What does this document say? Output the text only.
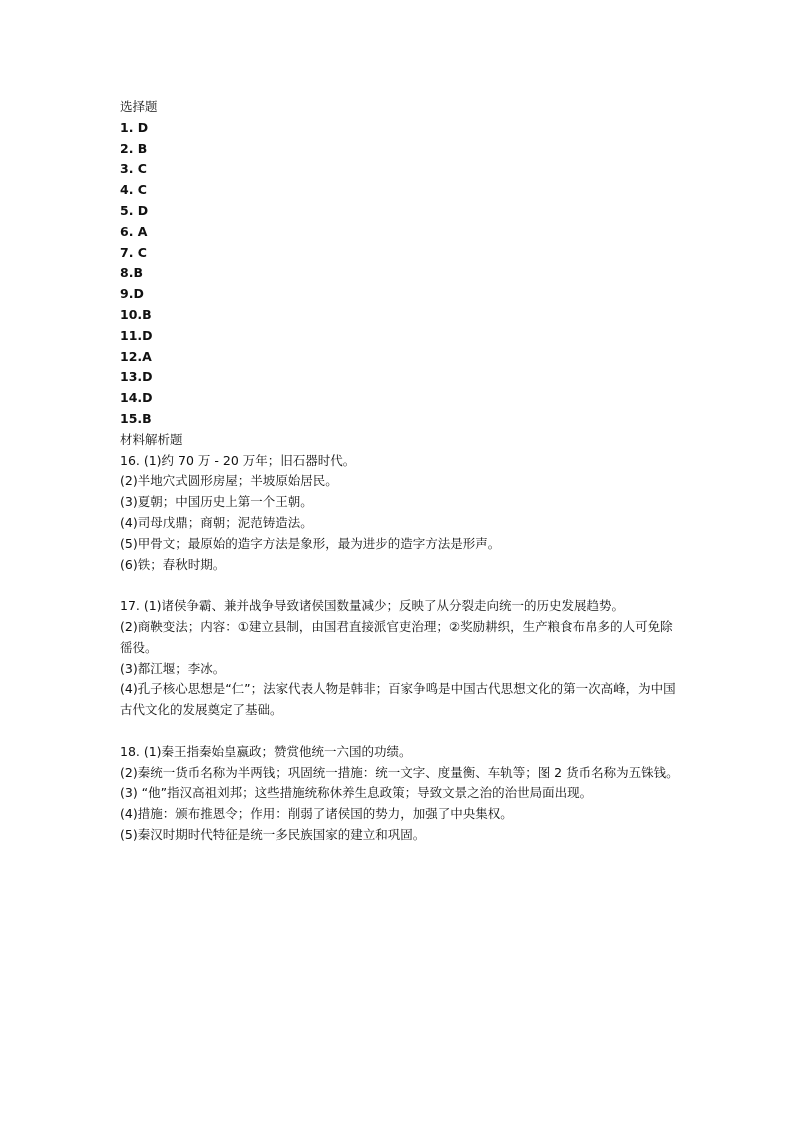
选择题
1. D
2. B
3. C
4. C
5. D
6. A
7. C
8.B
9.D
10.B
11.D
12.A
13.D
14.D
15.B
材料解析题
16. (1)约 70 万 - 20 万年；旧石器时代。
(2)半地穴式圆形房屋；半坡原始居民。
(3)夏朝；中国历史上第一个王朝。
(4)司母戊鼎；商朝；泥范铸造法。
(5)甲骨文；最原始的造字方法是象形，最为进步的造字方法是形声。
(6)铁；春秋时期。
17. (1)诸侯争霸、兼并战争导致诸侯国数量减少；反映了从分裂走向统一的历史发展趋势。
(2)商鞅变法；内容：①建立县制，由国君直接派官吏治理；②奖励耕织，生产粮食布帛多的人可免除徭役。
(3)都江堰；李冰。
(4)孔子核心思想是“仁”；法家代表人物是韩非；百家争鸣是中国古代思想文化的第一次高峰，为中国古代文化的发展奠定了基础。
18. (1)秦王指秦始皇嬴政；赞赏他统一六国的功绩。
(2)秦统一货币名称为半两钱；巩固统一措施：统一文字、度量衡、车轨等；图 2 货币名称为五铢钱。
(3) “他”指汉高祖刘邦；这些措施统称休养生息政策；导致文景之治的治世局面出现。
(4)措施：颁布推恩令；作用：削弱了诸侯国的势力，加强了中央集权。
(5)秦汉时期时代特征是统一多民族国家的建立和巩固。
